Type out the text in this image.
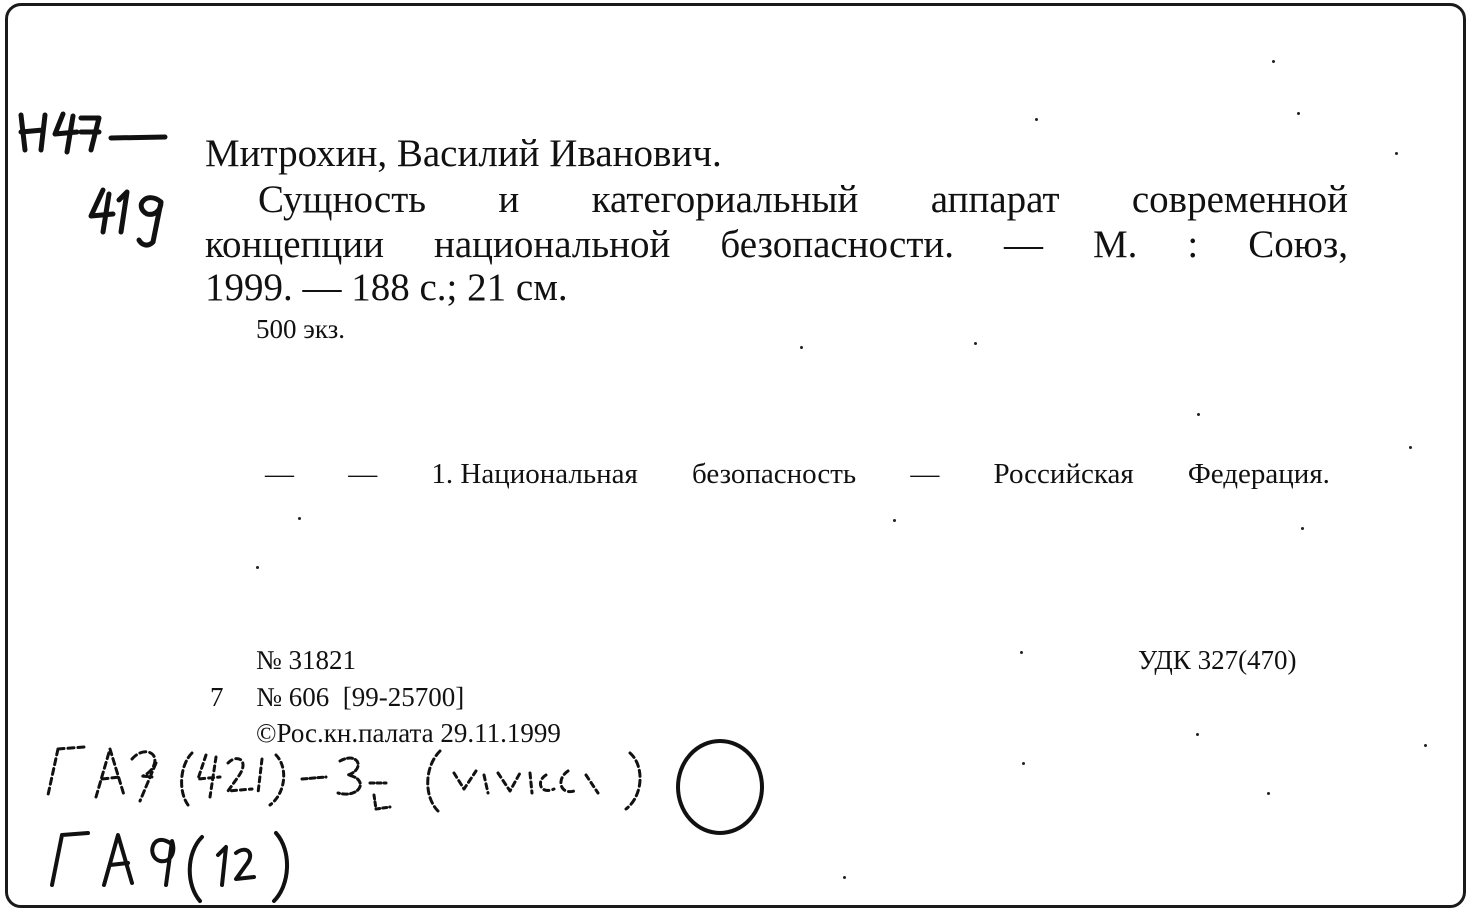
Митрохин, Василий Иванович.
Сущность и категориальный аппарат современной
концепции национальной безопасности. — М. : Союз,
1999. — 188 с.; 21 см.
500 экз.
— — 1. Национальная безопасность — Российская Федерация.
№ 31821
7 № 606  [99-25700]
©Рос.кн.палата 29.11.1999
УДК 327(470)
